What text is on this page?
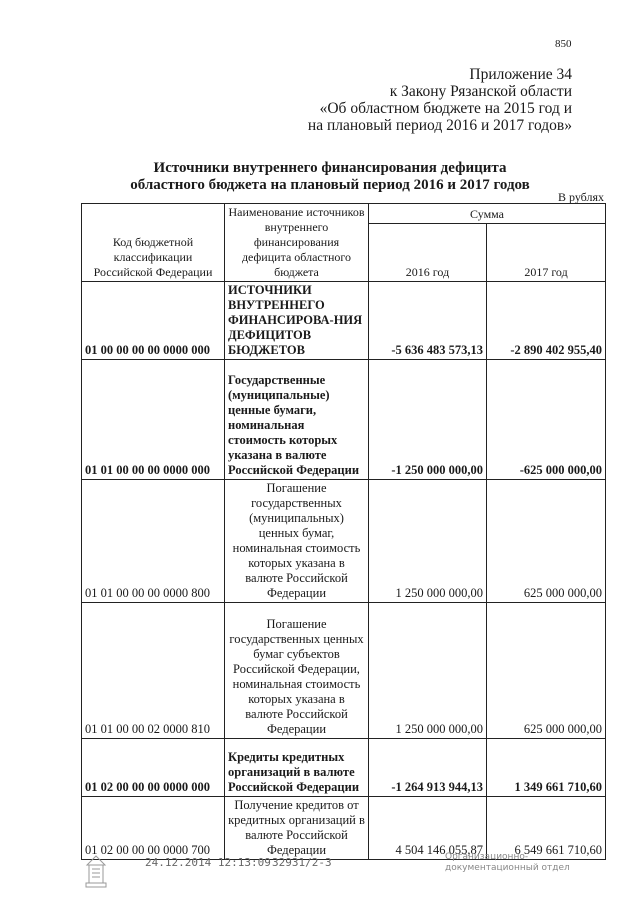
850
Приложение 34
к Закону Рязанской области
«Об областном бюджете на 2015 год и
на плановый период 2016 и 2017 годов»
Источники внутреннего финансирования дефицита
областного бюджета на плановый период 2016 и 2017 годов
В рублях
Код бюджетной классификации Российской Федерации	Наименование источников внутреннего финансирования дефицита областного бюджета	Сумма	
		2016 год	2017 год
01 00 00 00 00 0000 000	ИСТОЧНИКИ ВНУТРЕННЕГО ФИНАНСИРОВА-НИЯ ДЕФИЦИТОВ БЮДЖЕТОВ	-5 636 483 573,13	-2 890 402 955,40
01 01 00 00 00 0000 000	Государственные (муниципальные) ценные бумаги, номинальная стоимость которых указана в валюте Российской Федерации	-1 250 000 000,00	-625 000 000,00
01 01 00 00 00 0000 800	Погашение государственных (муниципальных) ценных бумаг, номинальная стоимость которых указана в валюте Российской Федерации	1 250 000 000,00	625 000 000,00
01 01 00 00 02 0000 810	Погашение государственных ценных бумаг субъектов Российской Федерации, номинальная стоимость которых указана в валюте Российской Федерации	1 250 000 000,00	625 000 000,00
01 02 00 00 00 0000 000	Кредиты кредитных организаций в валюте Российской Федерации	-1 264 913 944,13	1 349 661 710,60
01 02 00 00 00 0000 700	Получение кредитов от кредитных организаций в валюте Российской Федерации	4 504 146 055,87	6 549 661 710,60
24.12.2014 12:13:09 32931/2-3	Организационно-
документационный отдел
